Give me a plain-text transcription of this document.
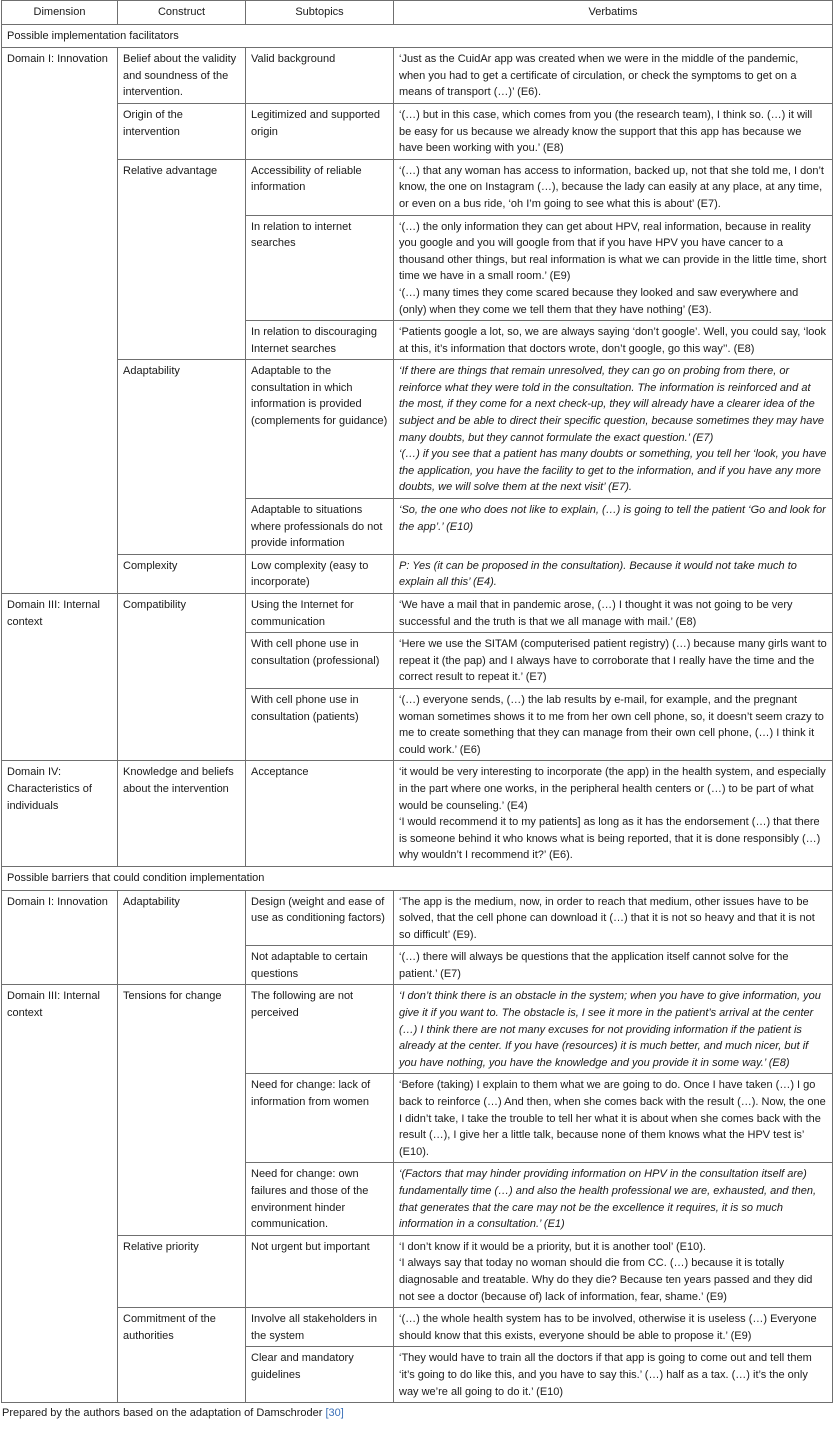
Dimension	Construct	Subtopics	Verbatims
Possible implementation facilitators			
Domain I: Innovation	Belief about the validity and soundness of the intervention.	Valid background	‘Just as the CuidAr app was created when we were in the middle of the pandemic, when you had to get a certificate of circulation, or check the symptoms to get on a means of transport (…)’ (E6).

	Origin of the intervention	Legitimized and supported origin	‘(…) but in this case, which comes from you (the research team), I think so. (…) it will be easy for us because we already know the support that this app has because we have been working with you.’ (E8)

	Relative advantage	Accessibility of reliable information	‘(…) that any woman has access to information, backed up, not that she told me, I don’t know, the one on Instagram (…), because the lady can easily at any place, at any time, or even on a bus ride, ‘oh I’m going to see what this is about’ (E7).

		In relation to internet searches	‘(…) the only information they can get about HPV, real information, because in reality you google and you will google from that if you have HPV you have cancer to a thousand other things, but real information is what we can provide in the little time, short time we have in a small room.’ (E9)
‘(…) many times they come scared because they looked and saw everywhere and (only) when they come we tell them that they have nothing’ (E3).

		In relation to discouraging Internet searches	‘Patients google a lot, so, we are always saying ‘don’t google’. Well, you could say, ‘look at this, it’s information that doctors wrote, don’t google, go this way’’. (E8)

	Adaptability	Adaptable to the consultation in which information is provided (complements for guidance)	‘If there are things that remain unresolved, they can go on probing from there, or reinforce what they were told in the consultation. The information is reinforced and at the most, if they come for a next check-up, they will already have a clearer idea of the subject and be able to direct their specific question, because sometimes they may have many doubts, but they cannot formulate the exact question.’ (E7)
‘(…) if you see that a patient has many doubts or something, you tell her ‘look, you have the application, you have the facility to get to the information, and if you have any more doubts, we will solve them at the next visit’ (E7).

		Adaptable to situations where professionals do not provide information	‘So, the one who does not like to explain, (…) is going to tell the patient ‘Go and look for the app’.’ (E10)

	Complexity	Low complexity (easy to incorporate)	P: Yes (it can be proposed in the consultation). Because it would not take much to explain all this’ (E4).

Domain III: Internal context	Compatibility	Using the Internet for communication	‘We have a mail that in pandemic arose, (…) I thought it was not going to be very successful and the truth is that we all manage with mail.’ (E8)

		With cell phone use in consultation (professional)	‘Here we use the SITAM (computerised patient registry) (…) because many girls want to repeat it (the pap) and I always have to corroborate that I really have the time and the correct result to repeat it.’ (E7)

		With cell phone use in consultation (patients)	‘(…) everyone sends, (…) the lab results by e-mail, for example, and the pregnant woman sometimes shows it to me from her own cell phone, so, it doesn’t seem crazy to me to create something that they can manage from their own cell phone, (…) I think it could work.’ (E6)

Domain IV: Characteristics of individuals	Knowledge and beliefs about the intervention	Acceptance	‘it would be very interesting to incorporate (the app) in the health system, and especially in the part where one works, in the peripheral health centers or (…) to be part of what would be counseling.’ (E4)
‘I would recommend it to my patients] as long as it has the endorsement (…) that there is someone behind it who knows what is being reported, that it is done responsibly (…) why wouldn’t I recommend it?’ (E6).

Possible barriers that could condition implementation			
Domain I: Innovation	Adaptability	Design (weight and ease of use as conditioning factors)	‘The app is the medium, now, in order to reach that medium, other issues have to be solved, that the cell phone can download it (…) that it is not so heavy and that it is not so difficult’ (E9).

		Not adaptable to certain questions	‘(…) there will always be questions that the application itself cannot solve for the patient.’ (E7)

Domain III: Internal context	Tensions for change	The following are not perceived	‘I don’t think there is an obstacle in the system; when you have to give information, you give it if you want to. The obstacle is, I see it more in the patient’s arrival at the center (…) I think there are not many excuses for not providing information if the patient is already at the center. If you have (resources) it is much better, and much nicer, but if you have nothing, you have the knowledge and you provide it in some way.’ (E8)

		Need for change: lack of information from women	‘Before (taking) I explain to them what we are going to do. Once I have taken (…) I go back to reinforce (…) And then, when she comes back with the result (…). Now, the one I didn’t take, I take the trouble to tell her what it is about when she comes back with the result (…), I give her a little talk, because none of them knows what the HPV test is’ (E10).

		Need for change: own failures and those of the environment hinder communication.	‘(Factors that may hinder providing information on HPV in the consultation itself are) fundamentally time (…) and also the health professional we are, exhausted, and then, that generates that the care may not be the excellence it requires, it is so much information in a consultation.’ (E1)

	Relative priority	Not urgent but important	‘I don’t know if it would be a priority, but it is another tool’ (E10).
‘I always say that today no woman should die from CC. (…) because it is totally diagnosable and treatable. Why do they die? Because ten years passed and they did not see a doctor (because of) lack of information, fear, shame.’ (E9)

	Commitment of the authorities	Involve all stakeholders in the system	‘(…) the whole health system has to be involved, otherwise it is useless (…) Everyone should know that this exists, everyone should be able to propose it.’ (E9)

		Clear and mandatory guidelines	‘They would have to train all the doctors if that app is going to come out and tell them ‘it’s going to do like this, and you have to say this.’ (…) half as a tax. (…) it’s the only way we’re all going to do it.’ (E10)
Prepared by the authors based on the adaptation of Damschroder [30]
